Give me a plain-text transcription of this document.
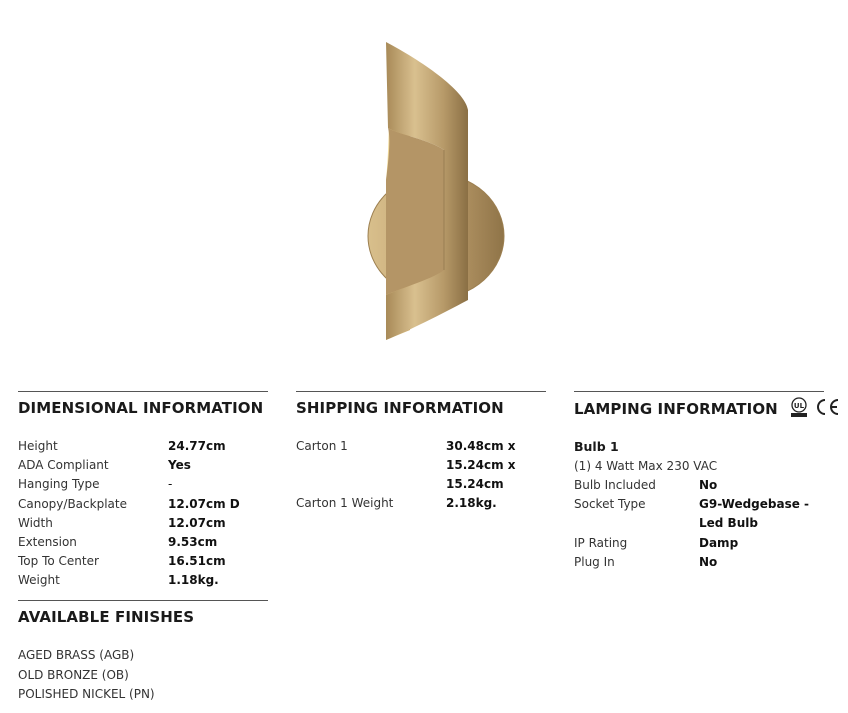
DIMENSIONAL INFORMATION
Height	24.77cm
ADA Compliant	Yes
Hanging Type	-
Canopy/Backplate	12.07cm D
Width	12.07cm
Extension	9.53cm
Top To Center	16.51cm
Weight	1.18kg.
SHIPPING INFORMATION
Carton 1	30.48cm x 15.24cm x 15.24cm
Carton 1 Weight	2.18kg.

LAMPING INFORMATION UL
Bulb 1
(1) 4 Watt Max 230 VAC
Bulb Included	No
Socket Type	G9-Wedgebase - Led Bulb
IP Rating	Damp
Plug In	No
AVAILABLE FINISHES
AGED BRASS (AGB)
OLD BRONZE (OB)
POLISHED NICKEL (PN)
